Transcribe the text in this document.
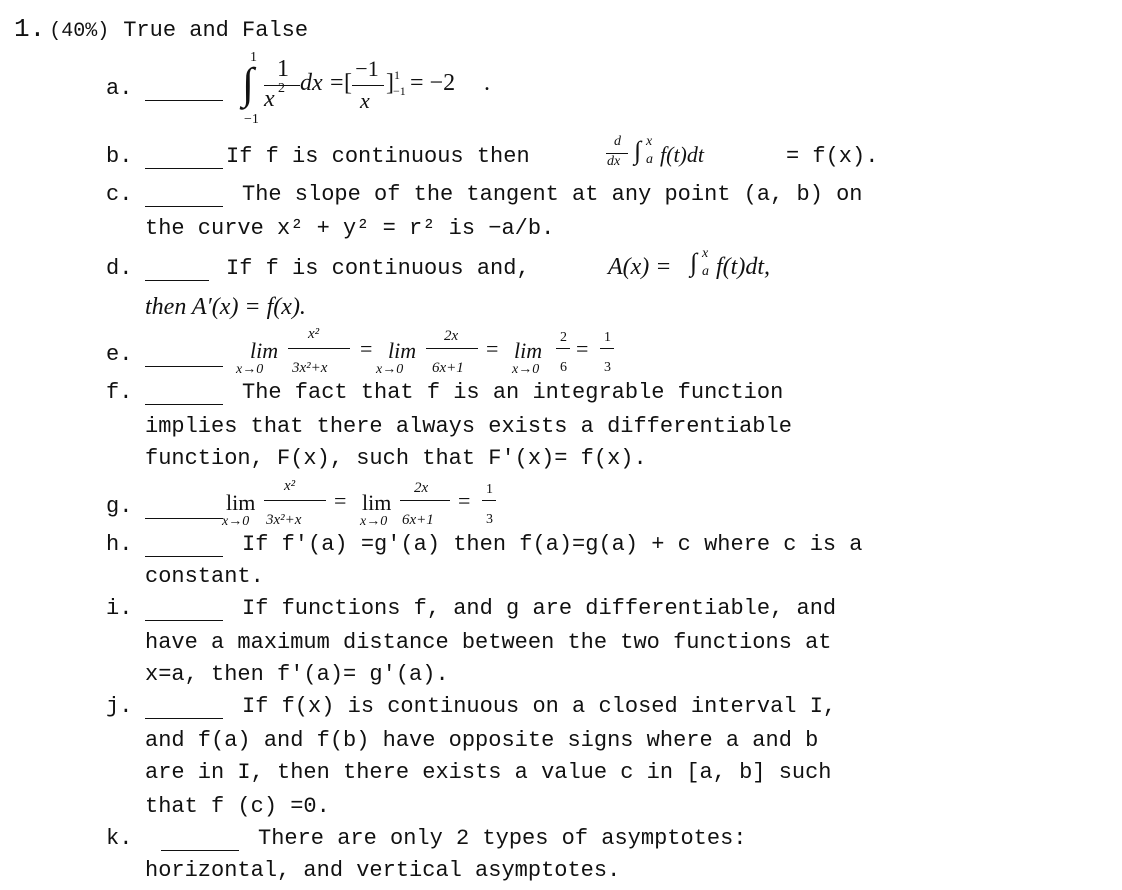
1. (40%) True and False
a.
1
∫
−1
1
x 2 dx = [
−1
x
] 1
−1 = −2 .
b.	If f is continuous then
d
dx ∫ x
a f(t)dt	= f(x).
c.	The slope of the tangent at any point (a, b) on
the curve x² + y² = r² is −a/b.
d.	If f is continuous and,	A(x) = ∫ x
a f(t)dt,
then A′(x) = f(x).
e.	lim
x→0
x²
3x²+x
= lim
x→0
2x
6x+1
= lim
x→0
2
6
= 1
3
f.	The fact that f is an integrable function
implies that there always exists a differentiable
function, F(x), such that F′(x)= f(x).
g.	lim
x→0
x²
3x²+x
= lim
x→0
2x
6x+1
= 1
3
h.	If f′(a) =g′(a) then f(a)=g(a) + c where c is a
constant.
i.	If functions f, and g are differentiable, and
have a maximum distance between the two functions at
x=a, then f′(a)= g′(a).
j.	If f(x) is continuous on a closed interval I,
and f(a) and f(b) have opposite signs where a and b
are in I, then there exists a value c in [a, b] such
that f (c) =0.
k.	There are only 2 types of asymptotes:
horizontal, and vertical asymptotes.
